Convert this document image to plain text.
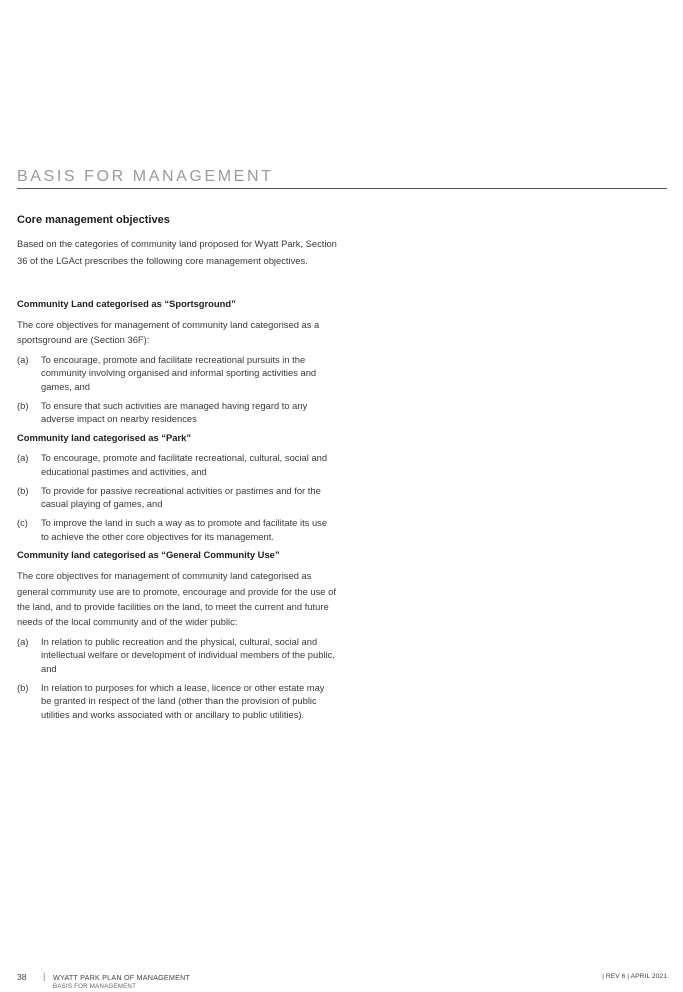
BASIS FOR MANAGEMENT
Core management objectives

Based on the categories of community land proposed for Wyatt Park, Section 36 of the LGAct prescribes the following core management objectives.

Community Land categorised as “Sportsground”

The core objectives for management of community land categorised as a sportsground are (Section 36F):

(a)	To encourage, promote and facilitate recreational pursuits in the community involving organised and informal sporting activities and games, and
(b)	To ensure that such activities are managed having regard to any adverse impact on nearby residences
Community land categorised as “Park”
(a)	To encourage, promote and facilitate recreational, cultural, social and educational pastimes and activities, and
(b)	To provide for passive recreational activities or pastimes and for the casual playing of games, and
(c)	To improve the land in such a way as to promote and facilitate its use to achieve the other core objectives for its management.
Community land categorised as “General Community Use”

The core objectives for management of community land categorised as general community use are to promote, encourage and provide for the use of the land, and to provide facilities on the land, to meet the current and future needs of the local community and of the wider public:

(a)	In relation to public recreation and the physical, cultural, social and intellectual welfare or development of individual members of the public, and
(b)	In relation to purposes for which a lease, licence or other estate may be granted in respect of the land (other than the provision of public utilities and works associated with or ancillary to public utilities).
38 | WYATT PARK PLAN OF MANAGEMENT
BASIS FOR MANAGEMENT
| REV 6 | APRIL 2021
